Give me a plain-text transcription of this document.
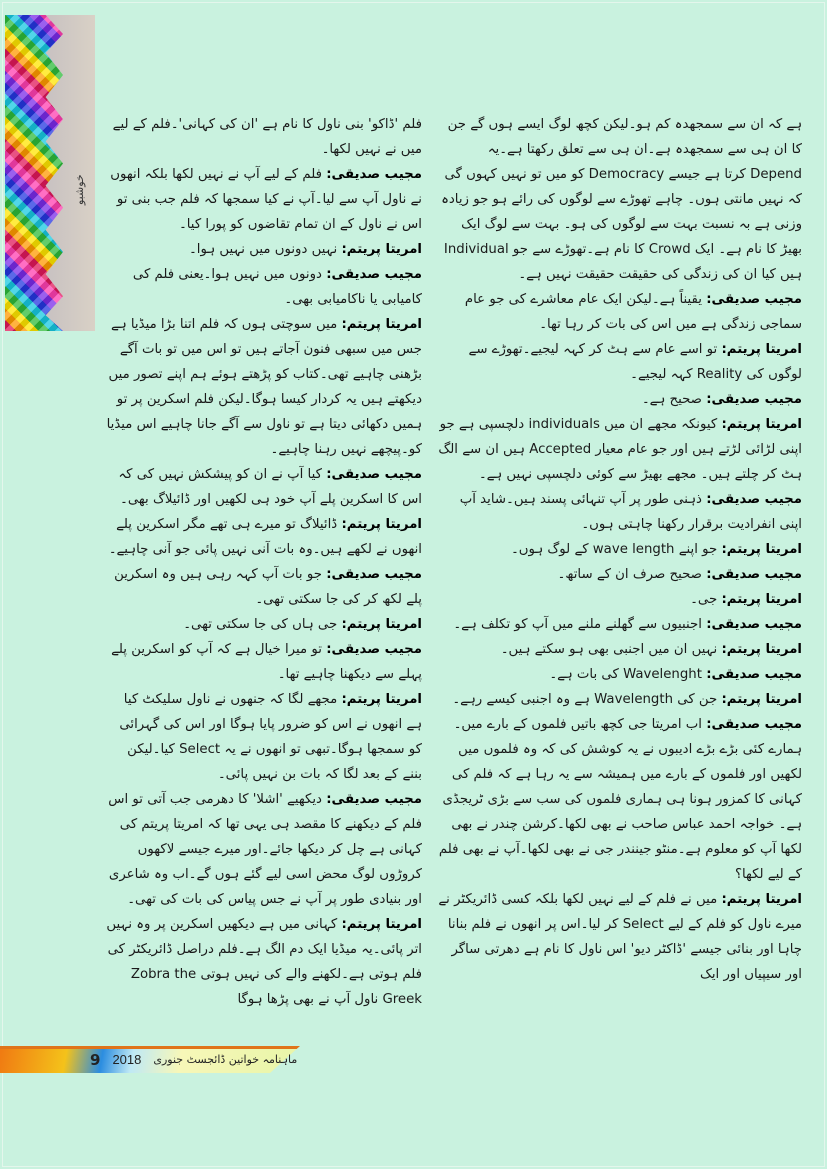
خوشبو

ہے کہ ان سے سمجھدہ کم ہو۔لیکن کچھ لوگ ایسے ہوں گے جن کا ان ہی سے سمجھدہ ہے۔ان ہی سے تعلق رکھتا ہے۔یہ Depend کرتا ہے جیسے Democracy کو میں تو نہیں کہوں گی کہ نہیں مانتی ہوں۔ چاہے تھوڑے سے لوگوں کی رائے ہو جو زیادہ وزنی ہے بہ نسبت بہت سے لوگوں کی ہو۔ بہت سے لوگ ایک بھیڑ کا نام ہے۔ ایک Crowd کا نام ہے۔تھوڑے سے جو Individual ہیں کیا ان کی زندگی کی حقیقت حقیقت نہیں ہے۔

مجیب صدیقی: یقیناً ہے۔لیکن ایک عام معاشرے کی جو عام سماجی زندگی ہے میں اس کی بات کر رہا تھا۔

امریتا پریتم: تو اسے عام سے ہٹ کر کہہ لیجیے۔تھوڑے سے لوگوں کی Reality کہہ لیجیے۔

مجیب صدیقی: صحیح ہے۔

امریتا پریتم: کیونکہ مجھے ان میں individuals دلچسپی ہے جو اپنی لڑائی لڑتے ہیں اور جو عام معیار Accepted ہیں ان سے الگ ہٹ کر چلتے ہیں۔ مجھے بھیڑ سے کوئی دلچسپی نہیں ہے۔

مجیب صدیقی: ذہنی طور پر آپ تنہائی پسند ہیں۔شاید آپ اپنی انفرادیت برقرار رکھنا چاہتی ہوں۔

امریتا پریتم: جو اپنے wave length کے لوگ ہوں۔

مجیب صدیقی: صحیح صرف ان کے ساتھ۔

امریتا پریتم: جی۔

مجیب صدیقی: اجنبیوں سے گھلنے ملنے میں آپ کو تکلف ہے۔

امریتا پریتم: نہیں ان میں اجنبی بھی ہو سکتے ہیں۔

مجیب صدیقی: Wavelenght کی بات ہے۔

امریتا پریتم: جن کی Wavelength ہے وہ اجنبی کیسے رہے۔

مجیب صدیقی: اب امریتا جی کچھ باتیں فلموں کے بارے میں۔ ہمارے کئی بڑے بڑے ادیبوں نے یہ کوشش کی کہ وہ فلموں میں لکھیں اور فلموں کے بارے میں ہمیشہ سے یہ رہا ہے کہ فلم کی کہانی کا کمزور ہونا ہی ہماری فلموں کی سب سے بڑی ٹریجڈی ہے۔ خواجہ احمد عباس صاحب نے بھی لکھا۔کرشن چندر نے بھی لکھا آپ کو معلوم ہے۔منٹو جینندر جی نے بھی لکھا۔آپ نے بھی فلم کے لیے لکھا؟

امریتا پریتم: میں نے فلم کے لیے نہیں لکھا بلکہ کسی ڈائریکٹر نے میرے ناول کو فلم کے لیے Select کر لیا۔اس پر انھوں نے فلم بنانا چاہا اور بنائی جیسے 'ڈاکٹر دیو' اس ناول کا نام ہے دھرتی ساگر اور سیپیاں اور ایک

فلم 'ڈاکو' بنی ناول کا نام ہے 'ان کی کہانی'۔فلم کے لیے میں نے نہیں لکھا۔

مجیب صدیقی: فلم کے لیے آپ نے نہیں لکھا بلکہ انھوں نے ناول آپ سے لیا۔آپ نے کیا سمجھا کہ فلم جب بنی تو اس نے ناول کے ان تمام تقاضوں کو پورا کیا۔

امریتا پریتم: نہیں دونوں میں نہیں ہوا۔

مجیب صدیقی: دونوں میں نہیں ہوا۔یعنی فلم کی کامیابی یا ناکامیابی بھی۔

امریتا پریتم: میں سوچتی ہوں کہ فلم اتنا بڑا میڈیا ہے جس میں سبھی فنون آجاتے ہیں تو اس میں تو بات آگے بڑھنی چاہیے تھی۔کتاب کو پڑھتے ہوئے ہم اپنے تصور میں دیکھتے ہیں یہ کردار کیسا ہوگا۔لیکن فلم اسکرین پر تو ہمیں دکھائی دیتا ہے تو ناول سے آگے جانا چاہیے اس میڈیا کو۔پیچھے نہیں رہنا چاہیے۔

مجیب صدیقی: کیا آپ نے ان کو پیشکش نہیں کی کہ اس کا اسکرین پلے آپ خود ہی لکھیں اور ڈائیلاگ بھی۔

امریتا پریتم: ڈائیلاگ تو میرے ہی تھے مگر اسکرین پلے انھوں نے لکھے ہیں۔وہ بات آنی نہیں پائی جو آنی چاہیے۔

مجیب صدیقی: جو بات آپ کہہ رہی ہیں وہ اسکرین پلے لکھ کر کی جا سکتی تھی۔

امریتا پریتم: جی ہاں کی جا سکتی تھی۔

مجیب صدیقی: تو میرا خیال ہے کہ آپ کو اسکرین پلے پہلے سے دیکھنا چاہیے تھا۔

امریتا پریتم: مجھے لگا کہ جنھوں نے ناول سلیکٹ کیا ہے انھوں نے اس کو ضرور پایا ہوگا اور اس کی گہرائی کو سمجھا ہوگا۔تبھی تو انھوں نے یہ Select کیا۔لیکن بننے کے بعد لگا کہ بات بن نہیں پائی۔

مجیب صدیقی: دیکھیے 'اشلا' کا دھرمی جب آتی تو اس فلم کے دیکھنے کا مقصد ہی یہی تھا کہ امریتا پریتم کی کہانی ہے چل کر دیکھا جائے۔اور میرے جیسے لاکھوں کروڑوں لوگ محض اسی لیے گئے ہوں گے۔اب وہ شاعری اور بنیادی طور پر آپ نے جس پیاس کی بات کی تھی۔

امریتا پریتم: کہانی میں ہے دیکھیں اسکرین پر وہ نہیں اتر پائی۔یہ میڈیا ایک دم الگ ہے۔فلم دراصل ڈائریکٹر کی فلم ہوتی ہے۔لکھنے والے کی نہیں ہوتی Zobra the Greek ناول آپ نے بھی پڑھا ہوگا

9 2018 ماہنامہ خواتین ڈائجسٹ جنوری
